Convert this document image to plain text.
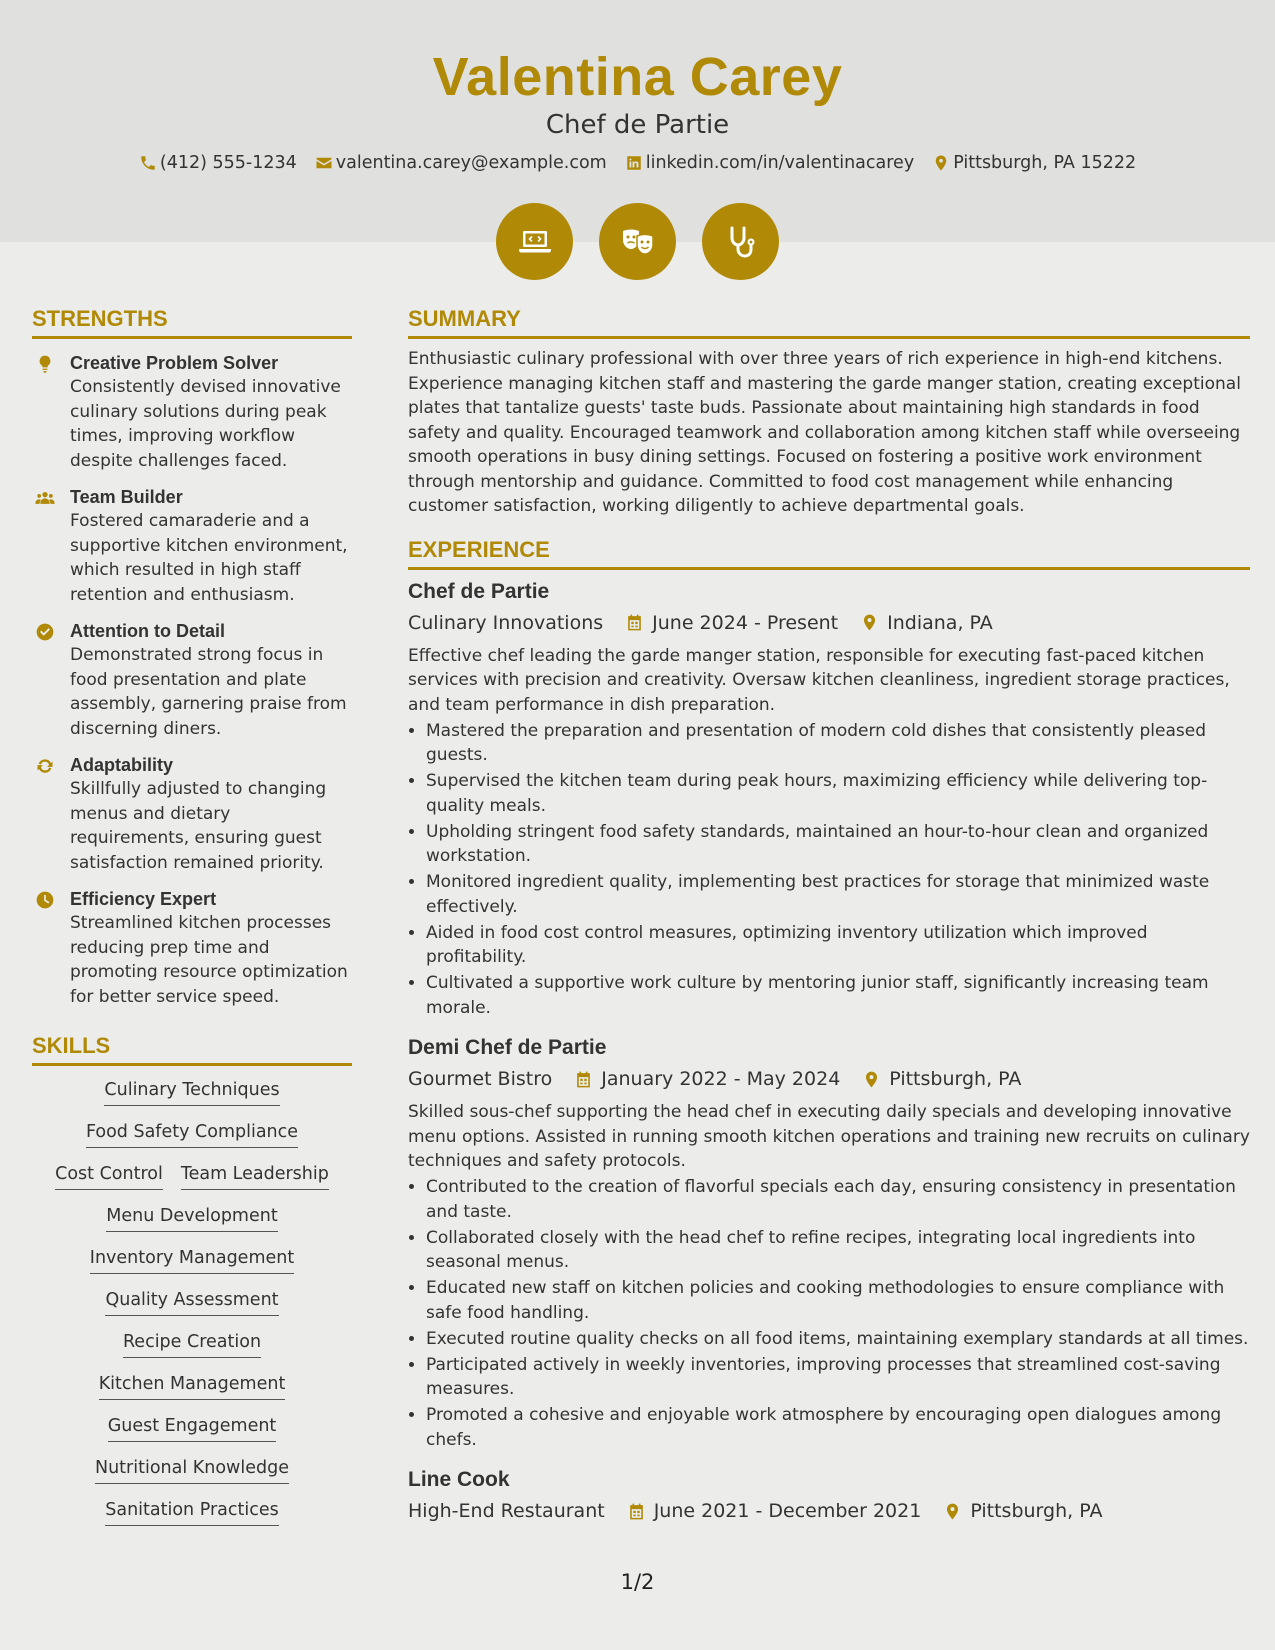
Valentina Carey
Chef de Partie
(412) 555-1234 valentina.carey@example.com linkedin.com/in/valentinacarey Pittsburgh, PA 15222
STRENGTHS
Creative Problem Solver
Consistently devised innovative culinary solutions during peak times, improving workflow despite challenges faced.
Team Builder
Fostered camaraderie and a supportive kitchen environment, which resulted in high staff retention and enthusiasm.
Attention to Detail
Demonstrated strong focus in food presentation and plate assembly, garnering praise from discerning diners.
Adaptability
Skillfully adjusted to changing menus and dietary requirements, ensuring guest satisfaction remained priority.
Efficiency Expert
Streamlined kitchen processes reducing prep time and promoting resource optimization for better service speed.
SKILLS
Culinary Techniques
Food Safety Compliance
Cost Control Team Leadership
Menu Development
Inventory Management
Quality Assessment
Recipe Creation
Kitchen Management
Guest Engagement
Nutritional Knowledge
Sanitation Practices
SUMMARY
Enthusiastic culinary professional with over three years of rich experience in high-end kitchens. Experience managing kitchen staff and mastering the garde manger station, creating exceptional plates that tantalize guests' taste buds. Passionate about maintaining high standards in food safety and quality. Encouraged teamwork and collaboration among kitchen staff while overseeing smooth operations in busy dining settings. Focused on fostering a positive work environment through mentorship and guidance. Committed to food cost management while enhancing customer satisfaction, working diligently to achieve departmental goals.
EXPERIENCE
Chef de Partie
Culinary Innovations	June 2024 - Present	Indiana, PA
Effective chef leading the garde manger station, responsible for executing fast-paced kitchen services with precision and creativity. Oversaw kitchen cleanliness, ingredient storage practices, and team performance in dish preparation.
• Mastered the preparation and presentation of modern cold dishes that consistently pleased guests.
• Supervised the kitchen team during peak hours, maximizing efficiency while delivering top-quality meals.
• Upholding stringent food safety standards, maintained an hour-to-hour clean and organized workstation.
• Monitored ingredient quality, implementing best practices for storage that minimized waste effectively.
• Aided in food cost control measures, optimizing inventory utilization which improved profitability.
• Cultivated a supportive work culture by mentoring junior staff, significantly increasing team morale.
Demi Chef de Partie
Gourmet Bistro	January 2022 - May 2024	Pittsburgh, PA
Skilled sous-chef supporting the head chef in executing daily specials and developing innovative menu options. Assisted in running smooth kitchen operations and training new recruits on culinary techniques and safety protocols.
• Contributed to the creation of flavorful specials each day, ensuring consistency in presentation and taste.
• Collaborated closely with the head chef to refine recipes, integrating local ingredients into seasonal menus.
• Educated new staff on kitchen policies and cooking methodologies to ensure compliance with safe food handling.
• Executed routine quality checks on all food items, maintaining exemplary standards at all times.
• Participated actively in weekly inventories, improving processes that streamlined cost-saving measures.
• Promoted a cohesive and enjoyable work atmosphere by encouraging open dialogues among chefs.
Line Cook
High-End Restaurant	June 2021 - December 2021	Pittsburgh, PA
1/2
